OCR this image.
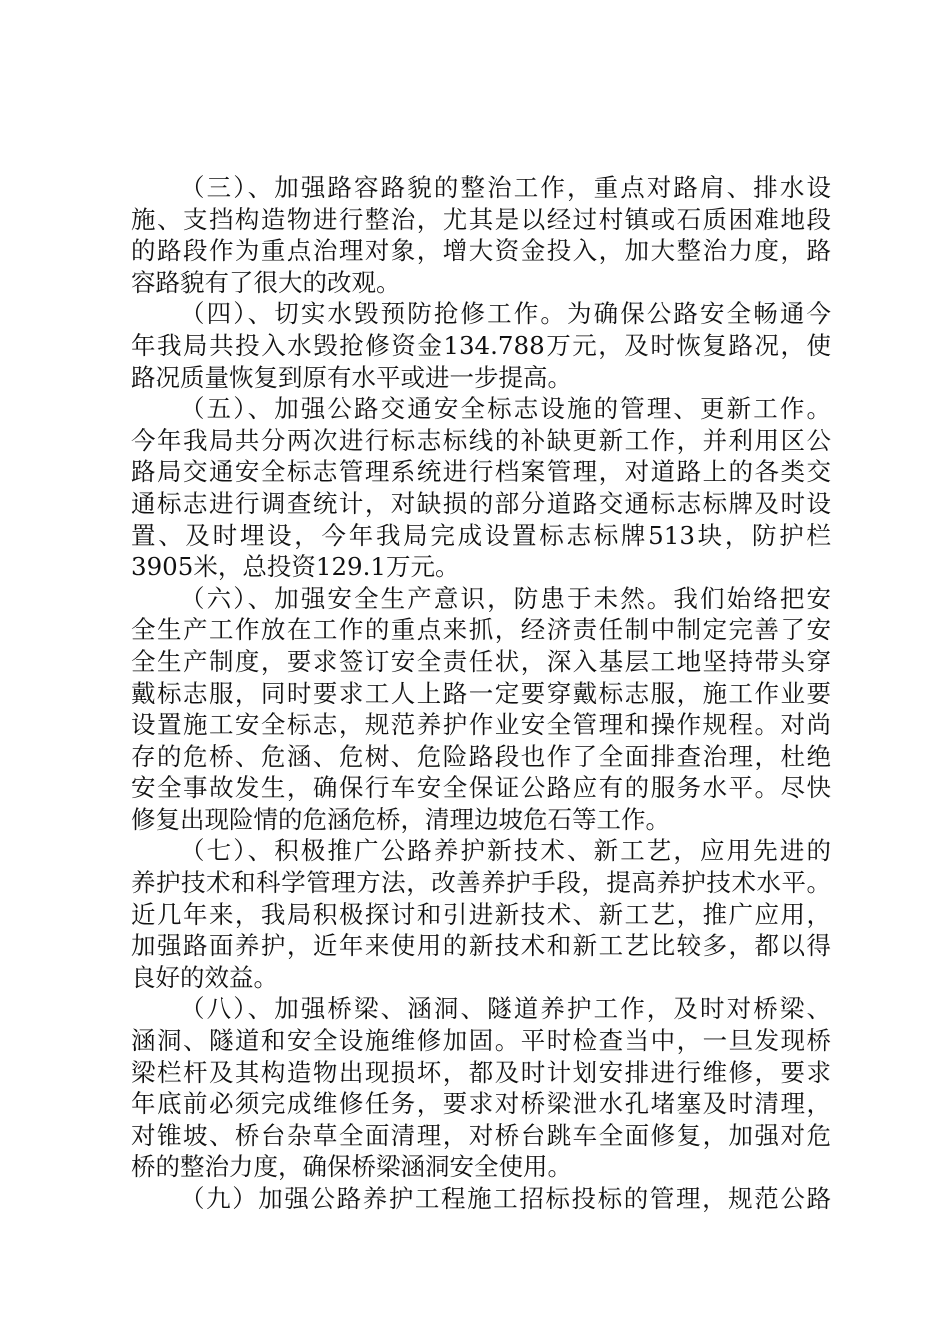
（三）、加强路容路貌的整治工作，重点对路肩、排水设
施、支挡构造物进行整治，尤其是以经过村镇或石质困难地段
的路段作为重点治理对象，增大资金投入，加大整治力度，路
容路貌有了很大的改观。
（四）、切实水毁预防抢修工作。为确保公路安全畅通今
年我局共投入水毁抢修资金134.788万元，及时恢复路况，使
路况质量恢复到原有水平或进一步提高。
（五）、加强公路交通安全标志设施的管理、更新工作。
今年我局共分两次进行标志标线的补缺更新工作，并利用区公
路局交通安全标志管理系统进行档案管理，对道路上的各类交
通标志进行调查统计，对缺损的部分道路交通标志标牌及时设
置、及时埋设，今年我局完成设置标志标牌513块，防护栏
3905米，总投资129.1万元。
（六）、加强安全生产意识，防患于未然。我们始络把安
全生产工作放在工作的重点来抓，经济责任制中制定完善了安
全生产制度，要求签订安全责任状，深入基层工地坚持带头穿
戴标志服，同时要求工人上路一定要穿戴标志服，施工作业要
设置施工安全标志，规范养护作业安全管理和操作规程。对尚
存的危桥、危涵、危树、危险路段也作了全面排查治理，杜绝
安全事故发生，确保行车安全保证公路应有的服务水平。尽快
修复出现险情的危涵危桥，清理边坡危石等工作。
（七）、积极推广公路养护新技术、新工艺，应用先进的
养护技术和科学管理方法，改善养护手段，提高养护技术水平。
近几年来，我局积极探讨和引进新技术、新工艺，推广应用，
加强路面养护，近年来使用的新技术和新工艺比较多，都以得
良好的效益。
（八）、加强桥梁、涵洞、隧道养护工作，及时对桥梁、
涵洞、隧道和安全设施维修加固。平时检查当中，一旦发现桥
梁栏杆及其构造物出现损坏，都及时计划安排进行维修，要求
年底前必须完成维修任务，要求对桥梁泄水孔堵塞及时清理，
对锥坡、桥台杂草全面清理，对桥台跳车全面修复，加强对危
桥的整治力度，确保桥梁涵洞安全使用。
（九）加强公路养护工程施工招标投标的管理，规范公路
